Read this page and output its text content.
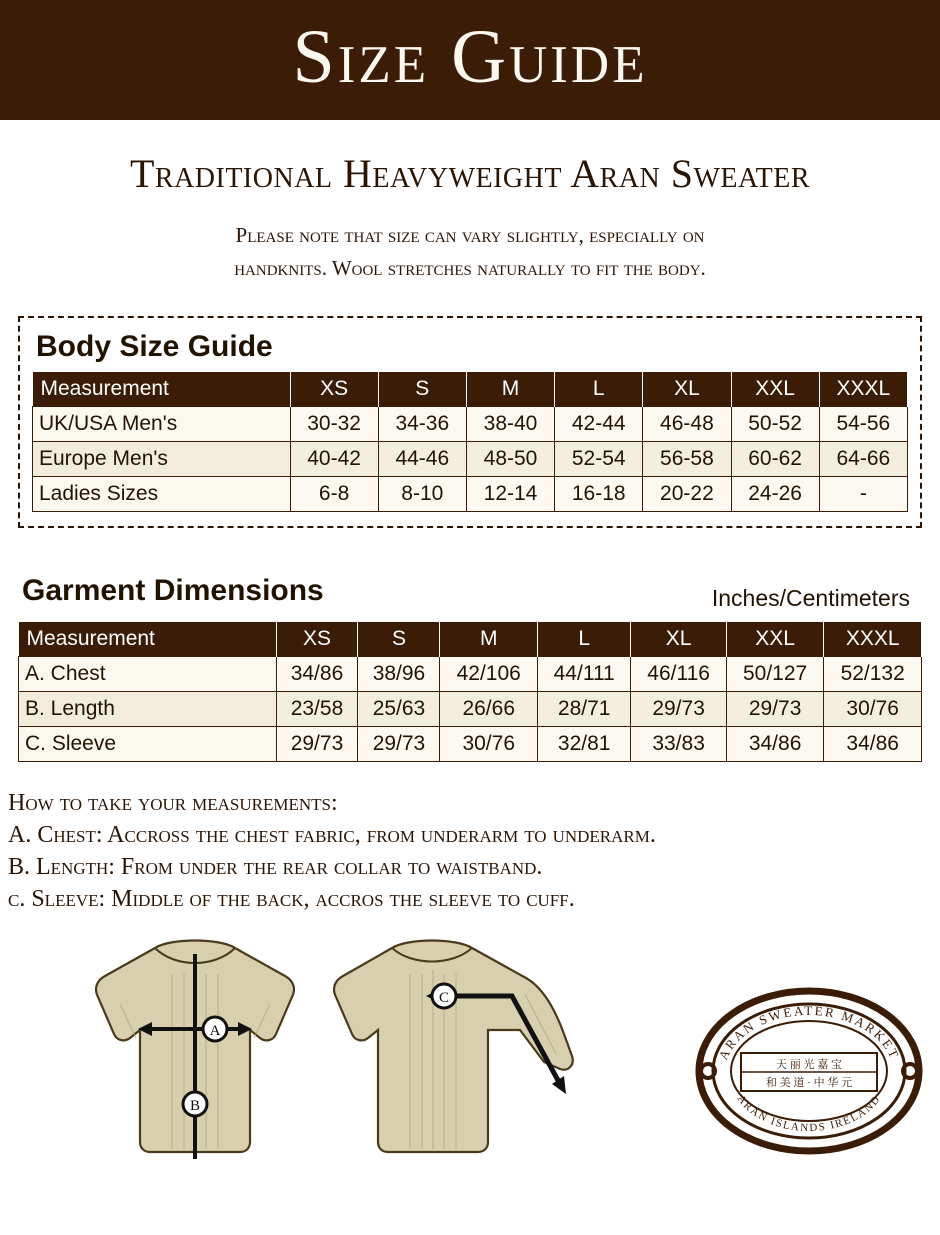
Size Guide
Traditional Heavyweight Aran Sweater
Please note that size can vary slightly, especially on
handknits. Wool stretches naturally to fit the body.
Body Size Guide
Measurement	XS	S	M	L	XL	XXL	XXXL
UK/USA Men's	30-32	34-36	38-40	42-44	46-48	50-52	54-56
Europe Men's	40-42	44-46	48-50	52-54	56-58	60-62	64-66
Ladies Sizes	6-8	8-10	12-14	16-18	20-22	24-26	-
Garment Dimensions	Inches/Centimeters
Measurement	XS	S	M	L	XL	XXL	XXXL
A. Chest	34/86	38/96	42/106	44/111	46/116	50/127	52/132
B. Length	23/58	25/63	26/66	28/71	29/73	29/73	30/76
C. Sleeve	29/73	29/73	30/76	32/81	33/83	34/86	34/86
How to take your measurements:
A. Chest: Accross the chest fabric, from underarm to underarm.
B. Length: From under the rear collar to waistband.
c. Sleeve: Middle of the back, accros the sleeve to cuff.
A
B
C
ARAN SWEATER MARKET
ARAN ISLANDS IRELAND
天 丽 光 嘉 宝
和 美 道 · 中 华 元
